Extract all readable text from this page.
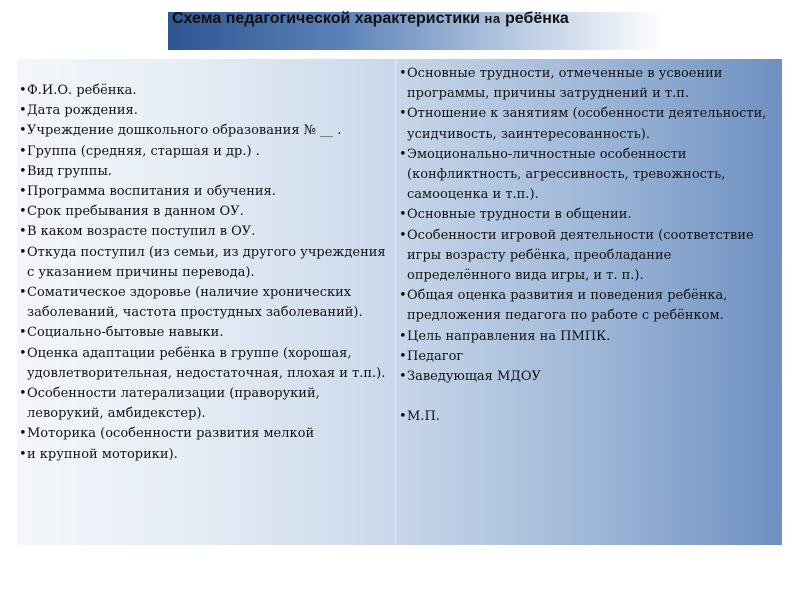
Схема педагогической характеристики на ребёнка
• Ф.И.О. ребёнка.
• Дата рождения.
• Учреждение дошкольного образования № __ .
• Группа (средняя, старшая и др.) .
• Вид группы.
• Программа воспитания и обучения.
• Срок пребывания в данном ОУ.
• В каком возрасте поступил в ОУ.
• Откуда поступил (из семьи, из другого учреждения с указанием причины перевода).
• Соматическое здоровье (наличие хронических заболеваний, частота простудных заболеваний).
• Социально-бытовые навыки.
• Оценка адаптации ребёнка в группе (хорошая, удовлетворительная, недостаточная, плохая и т.п.).
• Особенности латерализации (праворукий, леворукий, амбидекстер).
• Моторика (особенности развития мелкой
• и крупной моторики).
• Основные трудности, отмеченные в усвоении программы, причины затруднений и т.п.
• Отношение к занятиям (особенности деятельности, усидчивость, заинтересованность).
• Эмоционально-личностные особенности (конфликтность, агрессивность, тревожность, самооценка и т.п.).
• Основные трудности в общении.
• Особенности игровой деятельности (соответствие игры возрасту ребёнка, преобладание определённого вида игры, и т. п.).
• Общая оценка развития и поведения ребёнка, предложения педагога по работе с ребёнком.
• Цель направления на ПМПК.
• Педагог
• Заведующая МДОУ
• М.П.
